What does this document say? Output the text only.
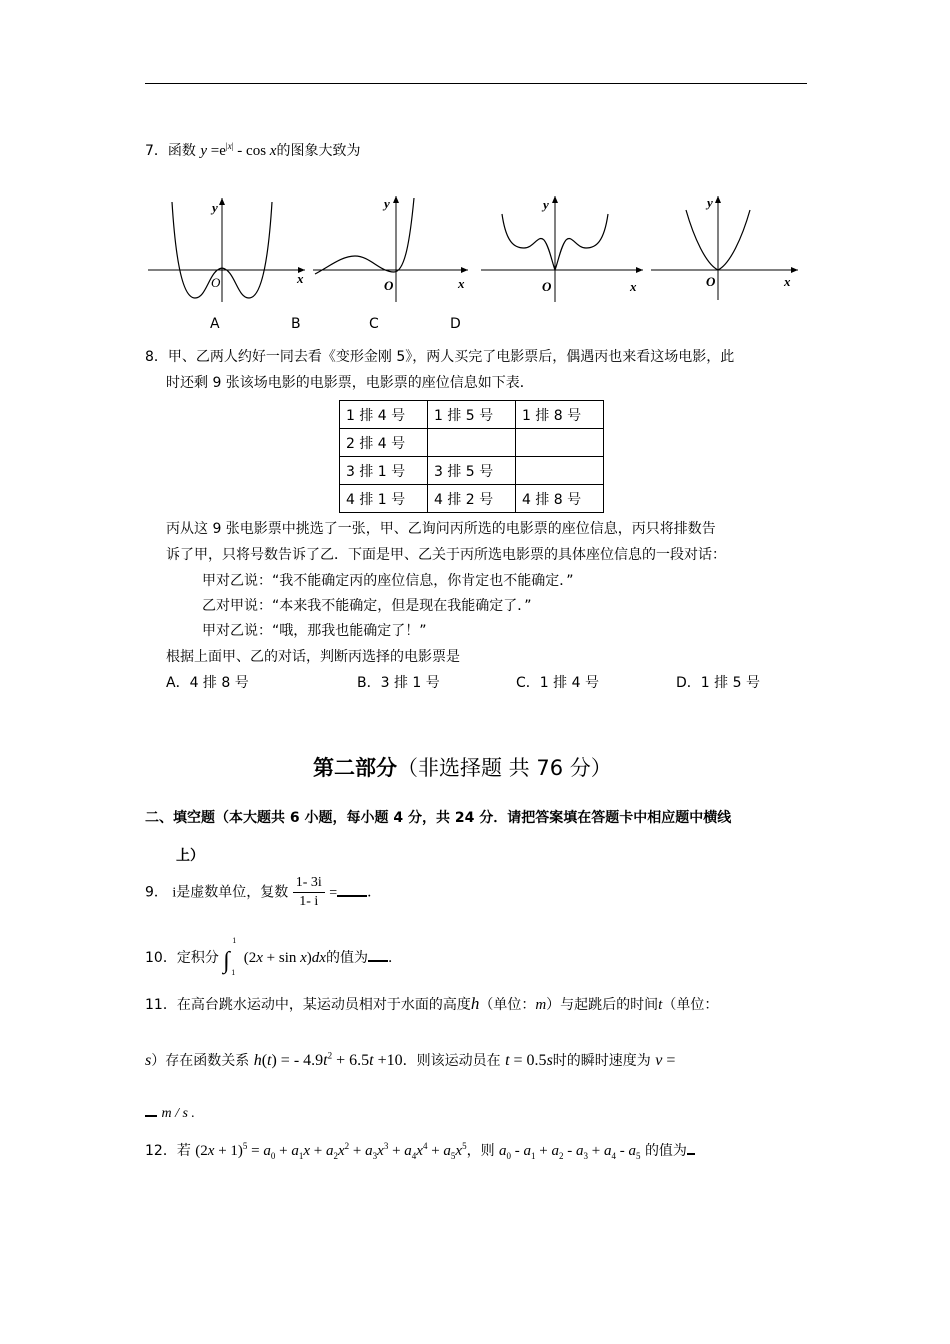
7．函数 $y =e^{|x|} - \cos x$的图象大致为
y
O	x
y
O	x
y
O	x
y
O	x
A	B	C	D
8．甲、乙两人约好一同去看《变形金刚 5》，两人买完了电影票后，偶遇丙也来看这场电影，此
时还剩 9 张该场电影的电影票，电影票的座位信息如下表．
1 排 4 号	1 排 5 号	1 排 8 号
2 排 4 号		
3 排 1 号	3 排 5 号	
4 排 1 号	4 排 2 号	4 排 8 号
丙从这 9 张电影票中挑选了一张，甲、乙询问丙所选的电影票的座位信息，丙只将排数告
诉了甲，只将号数告诉了乙．下面是甲、乙关于丙所选电影票的具体座位信息的一段对话：
甲对乙说：“我不能确定丙的座位信息，你肯定也不能确定．”
乙对甲说：“本来我不能确定，但是现在我能确定了．”
甲对乙说：“哦，那我也能确定了！”
根据上面甲、乙的对话，判断丙选择的电影票是
A．4 排 8 号	B．3 排 1 号	C．1 排 4 号	D．1 排 5 号
第二部分（非选择题 共 76 分）
二、填空题（本大题共 6 小题，每小题 4 分，共 24 分．请把答案填在答题卡中相应题中横线
上）
9． i是虚数单位，复数 $\frac{1- 3i}{1- i}$ = ．
10．定积分 ∫
1
1
(2x + sin x)dx的值为 ．
11．在高台跳水运动中，某运动员相对于水面的高度h（单位：m）与起跳后的时间t（单位：
s）存在函数关系 h(t) = - $4.9t^2 + 6.5t +10$．则该运动员在 t = 0.5s时的瞬时速度为 v =
m / s .
12．若 $(2x + 1)^5 = a_0 + a_1x + a_2x^2 + a_3x^3 + a_4x^4 + a_5x^5$，则 $a_0 - a_1 + a_2 - a_3 + a_4 - a_5$ 的值为
